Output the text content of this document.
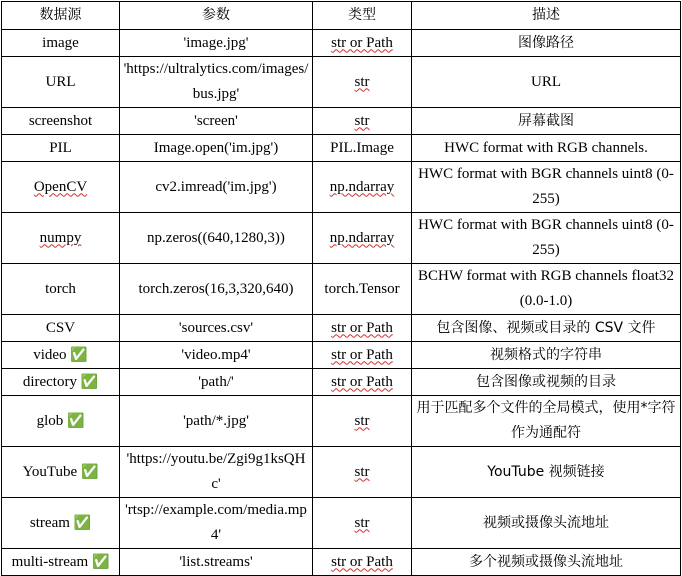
数据源	参数	类型	描述
image	'image.jpg'	str or Path	图像路径
URL	'https://ultralytics.com/images/bus.jpg'	str	URL
screenshot	'screen'	str	屏幕截图
PIL	Image.open('im.jpg')	PIL.Image	HWC format with RGB channels.
OpenCV	cv2.imread('im.jpg')	np.ndarray	HWC format with BGR channels uint8 (0-255)
numpy	np.zeros((640,1280,3))	np.ndarray	HWC format with BGR channels uint8 (0-255)
torch	torch.zeros(16,3,320,640)	torch.Tensor	BCHW format with RGB channels float32 (0.0-1.0)
CSV	'sources.csv'	str or Path	包含图像、视频或目录的 CSV 文件
video ✅	'video.mp4'	str or Path	视频格式的字符串
directory ✅	'path/'	str or Path	包含图像或视频的目录
glob ✅	'path/*.jpg'	str	用于匹配多个文件的全局模式，使用*字符作为通配符
YouTube ✅	'https://youtu.be/Zgi9g1ksQHc'	str	YouTube 视频链接
stream ✅	'rtsp://example.com/media.mp4'	str	视频或摄像头流地址
multi-stream ✅	'list.streams'	str or Path	多个视频或摄像头流地址
